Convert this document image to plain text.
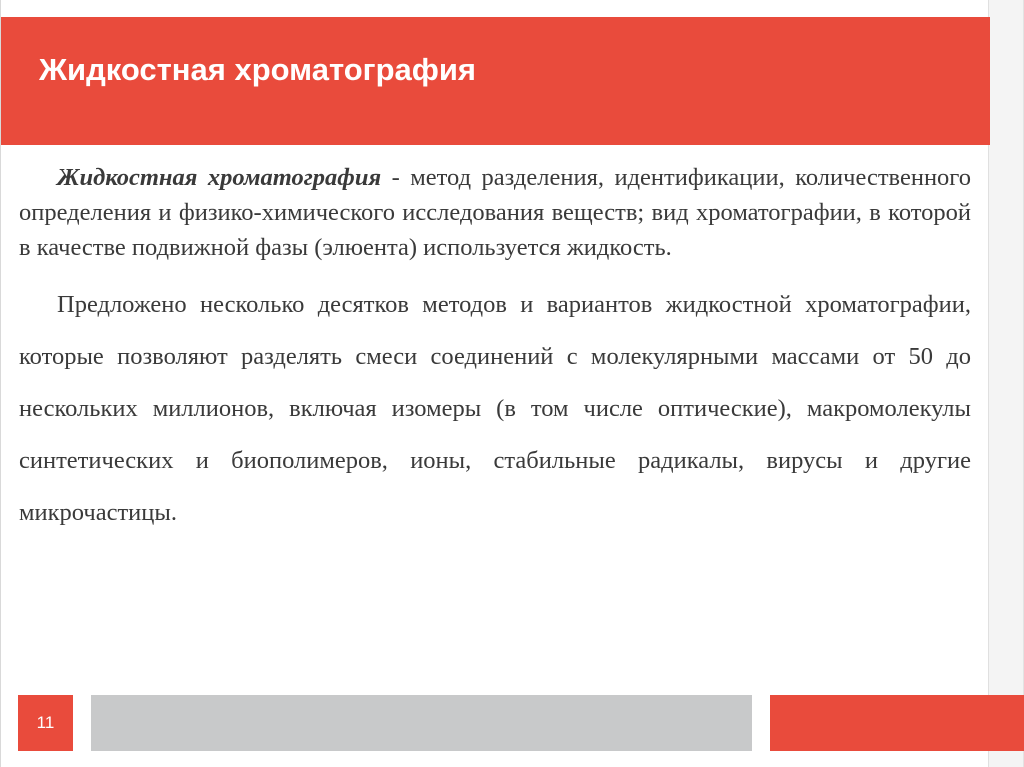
Жидкостная хроматография

Жидкостная хроматография - метод разделения, идентификации, количественного определения и физико-химического исследования веществ; вид хроматографии, в которой в качестве подвижной фазы (элюента) используется жидкость.

Предложено несколько десятков методов и вариантов жидкостной хроматографии, которые позволяют разделять смеси соединений с молекулярными массами от 50 до нескольких миллионов, включая изомеры (в том числе оптические), макромолекулы синтетических и биополимеров, ионы, стабильные радикалы, вирусы и другие микрочастицы.

11
